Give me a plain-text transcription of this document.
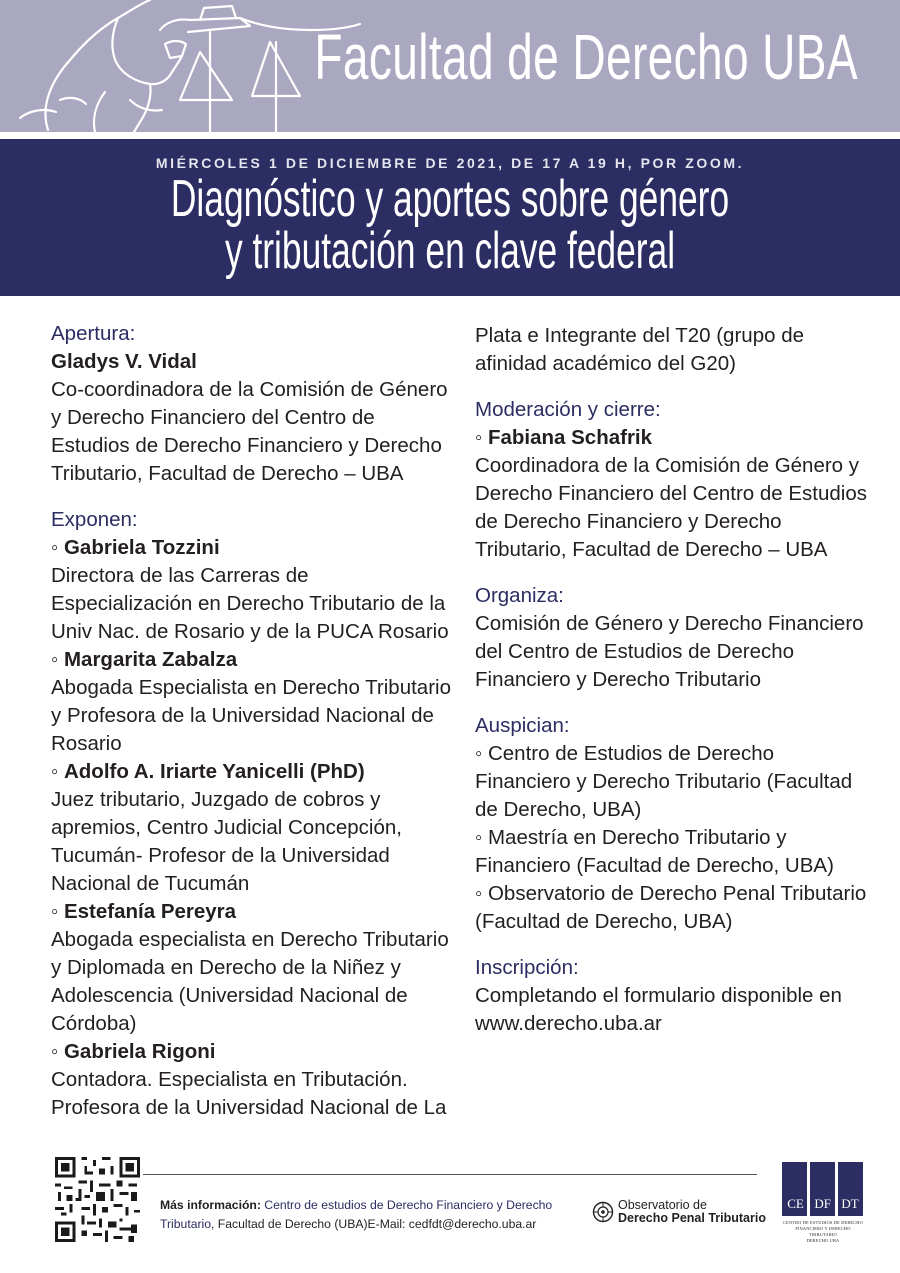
Facultad de Derecho UBA
MIÉRCOLES 1 DE DICIEMBRE DE 2021, DE 17 A 19 H, POR ZOOM.
Diagnóstico y aportes sobre género
y tributación en clave federal
Apertura:
Gladys V. Vidal
Co-coordinadora de la Comisión de Género y Derecho Financiero del Centro de Estudios de Derecho Financiero y Derecho Tributario, Facultad de Derecho – UBA
Exponen:
◦ Gabriela Tozzini
Directora de las Carreras de Especialización en Derecho Tributario de la Univ Nac. de Rosario y de la PUCA Rosario
◦ Margarita Zabalza
Abogada Especialista en Derecho Tributario y Profesora de la Universidad Nacional de Rosario
◦ Adolfo A. Iriarte Yanicelli (PhD)
Juez tributario, Juzgado de cobros y apremios, Centro Judicial Concepción, Tucumán- Profesor de la Universidad Nacional de Tucumán
◦ Estefanía Pereyra
Abogada especialista en Derecho Tributario y Diplomada en Derecho de la Niñez y Adolescencia (Universidad Nacional de Córdoba)
◦ Gabriela Rigoni
Contadora. Especialista en Tributación. Profesora de la Universidad Nacional de La
Plata e Integrante del T20 (grupo de afinidad académico del G20)
Moderación y cierre:
◦ Fabiana Schafrik
Coordinadora de la Comisión de Género y Derecho Financiero del Centro de Estudios de Derecho Financiero y Derecho Tributario, Facultad de Derecho – UBA
Organiza:
Comisión de Género y Derecho Financiero del Centro de Estudios de Derecho Financiero y Derecho Tributario
Auspician:
◦ Centro de Estudios de Derecho Financiero y Derecho Tributario (Facultad de Derecho, UBA)
◦ Maestría en Derecho Tributario y Financiero (Facultad de Derecho, UBA)
◦ Observatorio de Derecho Penal Tributario (Facultad de Derecho, UBA)
Inscripción:
Completando el formulario disponible en www.derecho.uba.ar
Más información: Centro de estudios de Derecho Financiero y Derecho Tributario, Facultad de Derecho (UBA)E-Mail: cedfdt@derecho.uba.ar
Observatorio de
Derecho Penal Tributario
CE DF DT
CENTRO DE ESTUDIOS DE DERECHO FINANCIERO Y DERECHO TRIBUTARIO
DERECHO UBA
